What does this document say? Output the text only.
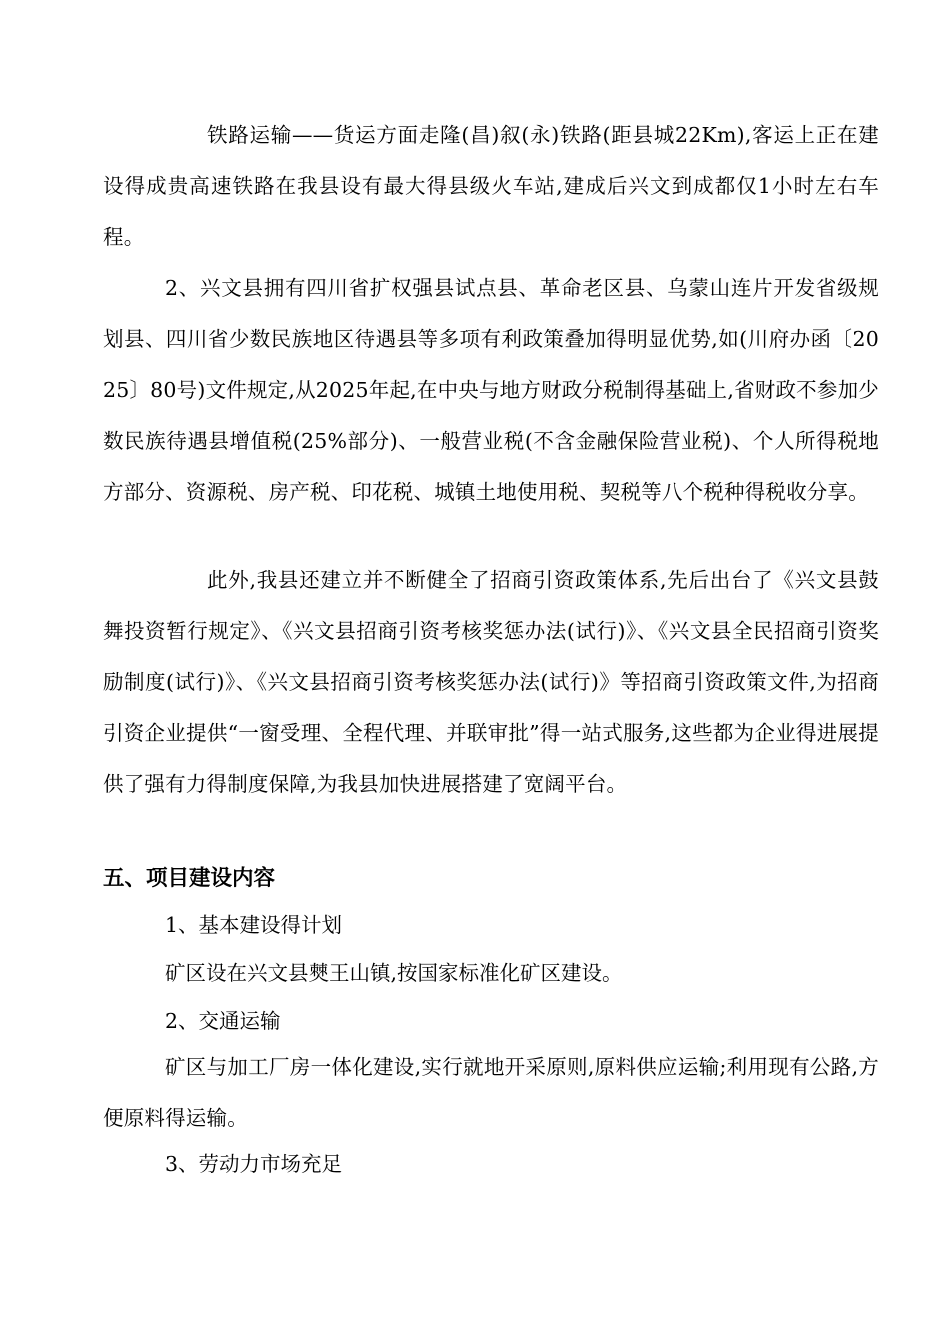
铁路运输——货运方面走隆(昌)叙(永)铁路(距县城22Km),客运上正在建设得成贵高速铁路在我县设有最大得县级火车站,建成后兴文到成都仅1小时左右车程。

2、兴文县拥有四川省扩权强县试点县、革命老区县、乌蒙山连片开发省级规划县、四川省少数民族地区待遇县等多项有利政策叠加得明显优势,如(川府办函〔2025〕80号)文件规定,从2025年起,在中央与地方财政分税制得基础上,省财政不参加少数民族待遇县增值税(25%部分)、一般营业税(不含金融保险营业税)、个人所得税地方部分、资源税、房产税、印花税、城镇土地使用税、契税等八个税种得税收分享。

此外,我县还建立并不断健全了招商引资政策体系,先后出台了《兴文县鼓舞投资暂行规定》、《兴文县招商引资考核奖惩办法(试行)》、《兴文县全民招商引资奖励制度(试行)》、《兴文县招商引资考核奖惩办法(试行)》等招商引资政策文件,为招商引资企业提供“一窗受理、全程代理、并联审批”得一站式服务,这些都为企业得进展提供了强有力得制度保障,为我县加快进展搭建了宽阔平台。

五、项目建设内容

1、基本建设得计划

矿区设在兴文县僰王山镇,按国家标准化矿区建设。

2、交通运输

矿区与加工厂房一体化建设,实行就地开采原则,原料供应运输;利用现有公路,方便原料得运输。

3、劳动力市场充足
